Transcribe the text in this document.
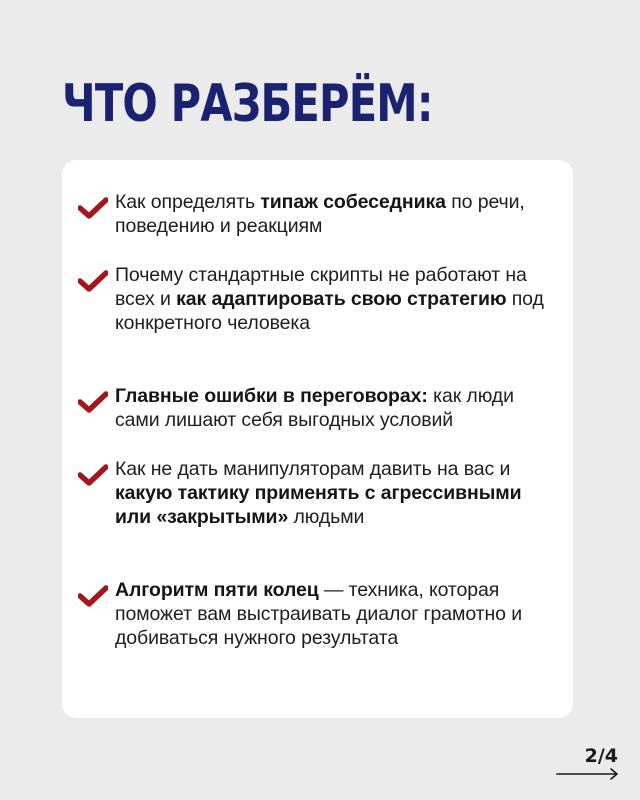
ЧТО РАЗБЕРЁМ:
Как определять типаж собеседника по речи, поведению и реакциям
Почему стандартные скрипты не работают на всех и как адаптировать свою стратегию под конкретного человека
Главные ошибки в переговорах: как люди сами лишают себя выгодных условий
Как не дать манипуляторам давить на вас и какую тактику применять с агрессивными или «закрытыми» людьми
Алгоритм пяти колец — техника, которая поможет вам выстраивать диалог грамотно и добиваться нужного результата
2/4
